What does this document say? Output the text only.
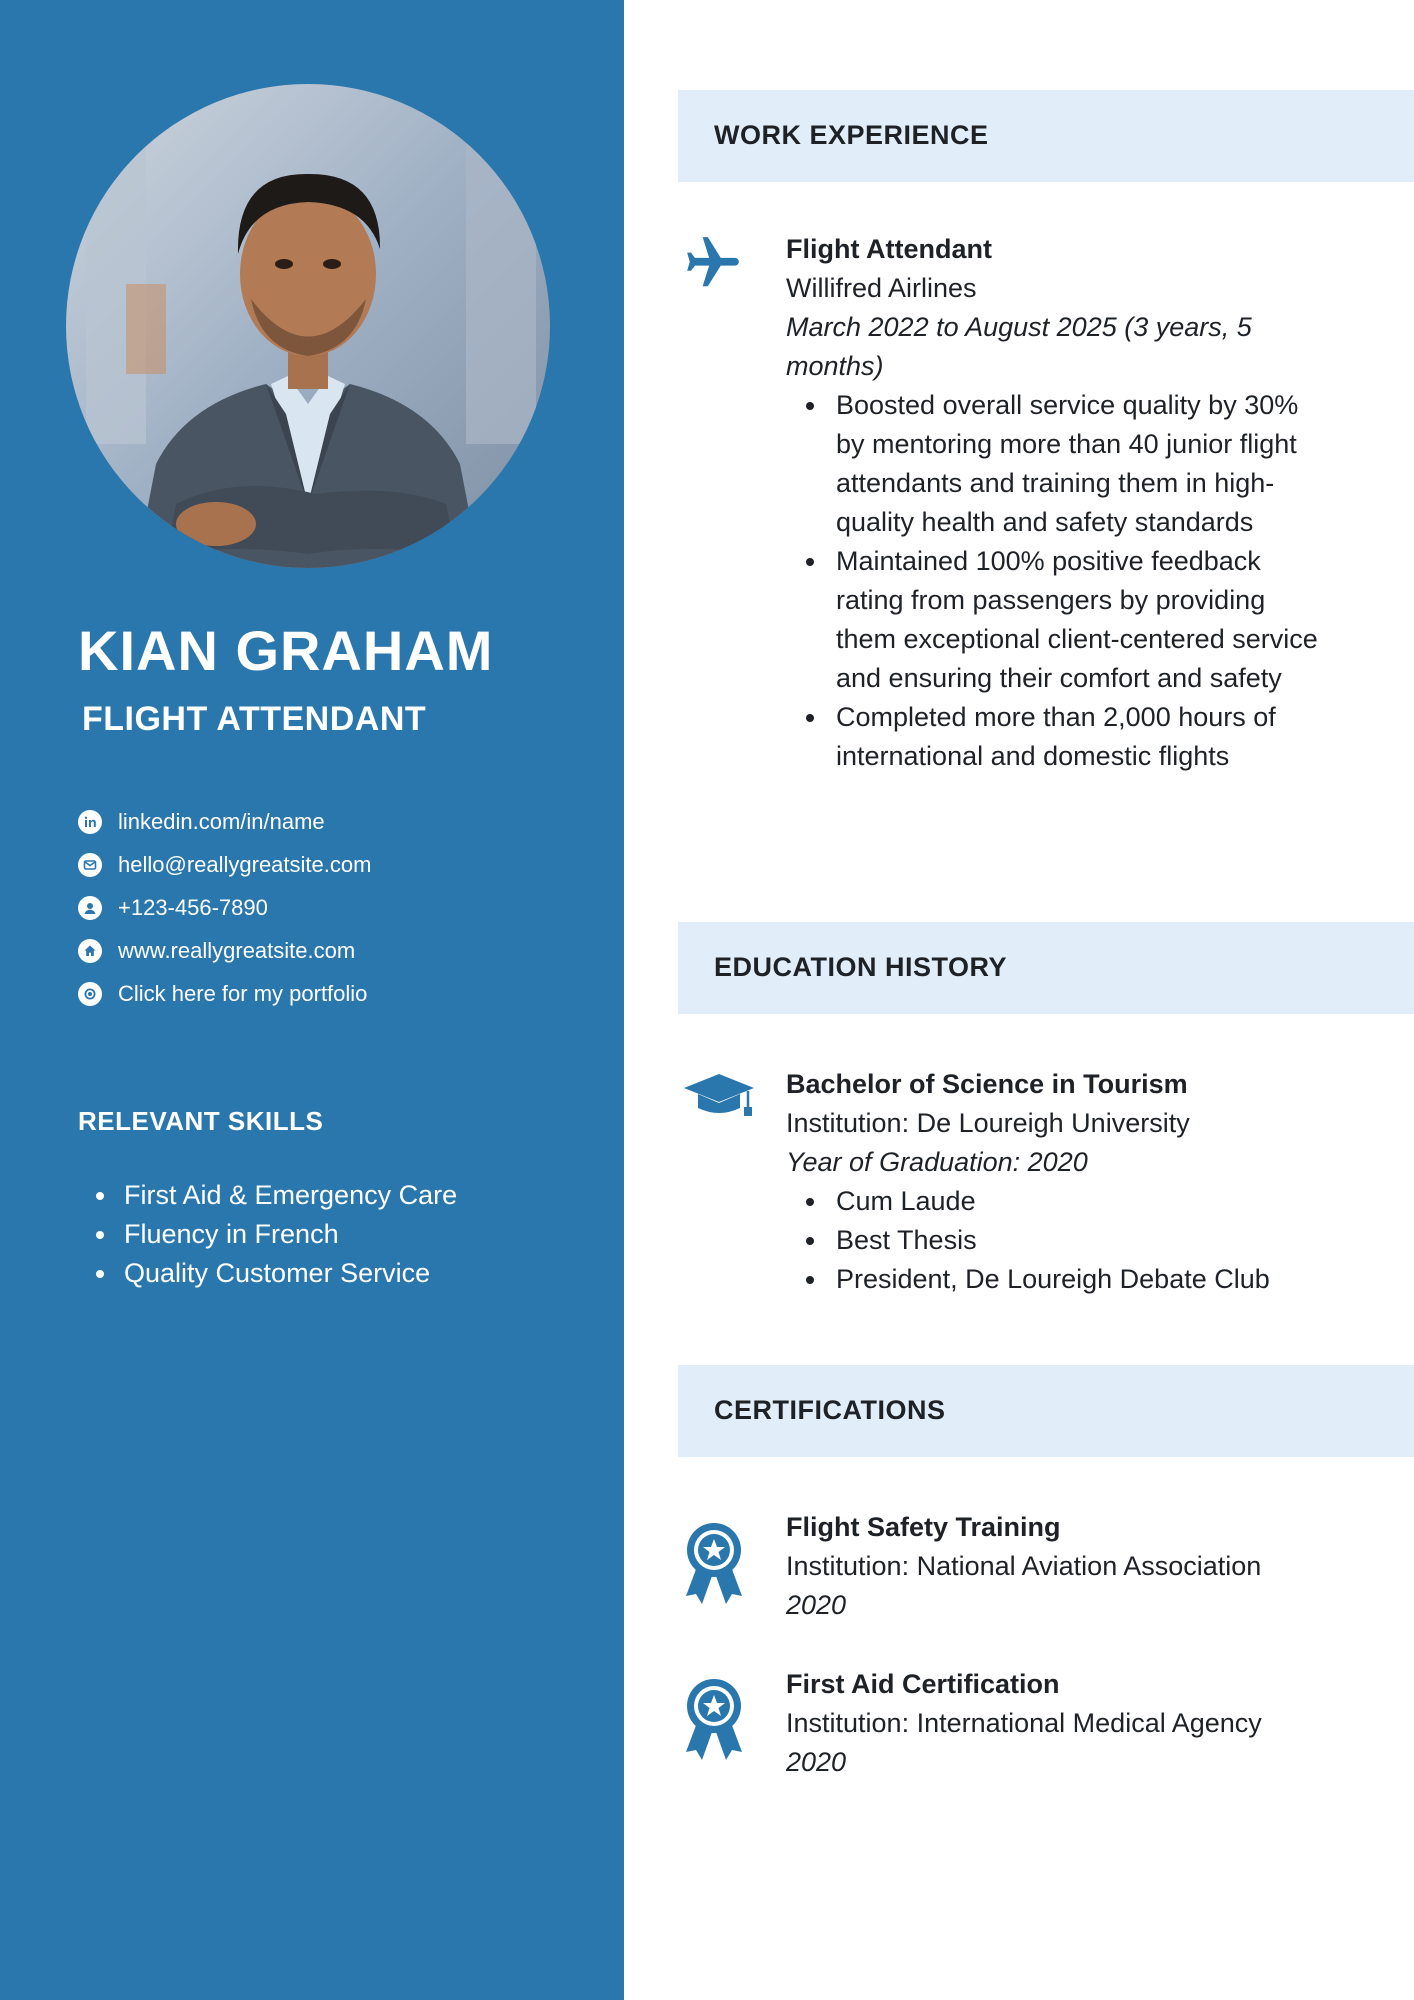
KIAN GRAHAM
FLIGHT ATTENDANT
linkedin.com/in/name
hello@reallygreatsite.com
+123-456-7890
www.reallygreatsite.com
Click here for my portfolio
RELEVANT SKILLS
First Aid & Emergency Care
Fluency in French
Quality Customer Service
WORK EXPERIENCE
Flight Attendant
Willifred Airlines
March 2022 to August 2025 (3 years, 5 months)
Boosted overall service quality by 30% by mentoring more than 40 junior flight attendants and training them in high-quality health and safety standards
Maintained 100% positive feedback rating from passengers by providing them exceptional client-centered service and ensuring their comfort and safety
Completed more than 2,000 hours of international and domestic flights
EDUCATION HISTORY
Bachelor of Science in Tourism
Institution: De Loureigh University
Year of Graduation: 2020
Cum Laude
Best Thesis
President, De Loureigh Debate Club
CERTIFICATIONS
Flight Safety Training
Institution: National Aviation Association
2020
First Aid Certification
Institution: International Medical Agency
2020
